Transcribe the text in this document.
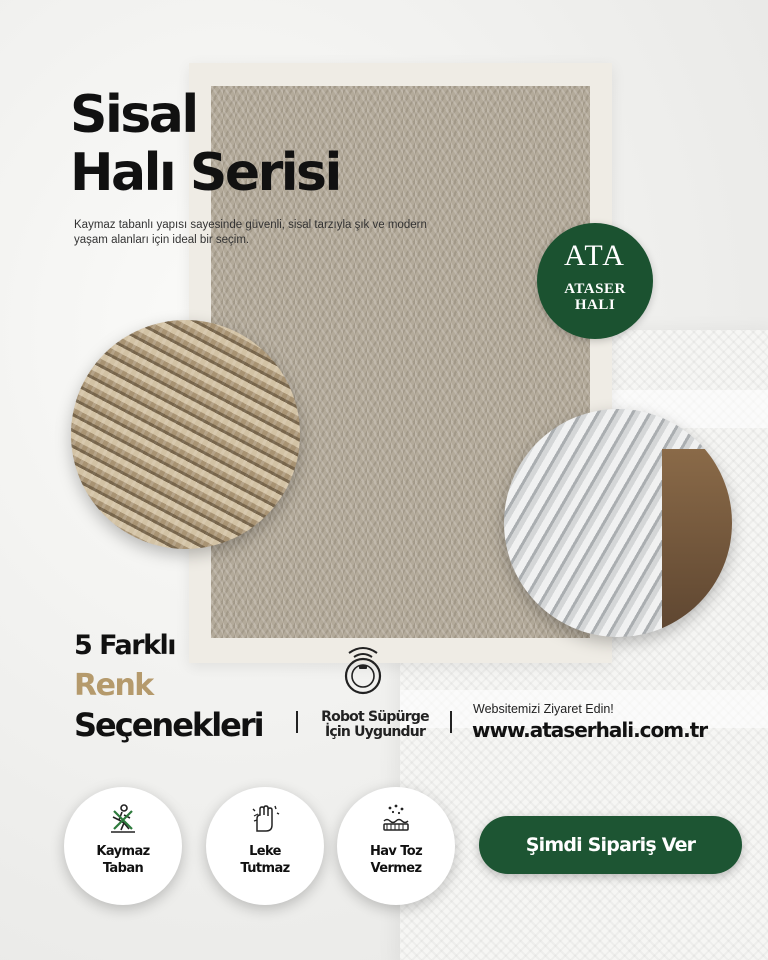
Sisal
Halı Serisi

Kaymaz tabanlı yapısı sayesinde güvenli, sisal tarzıyla şık ve modern yaşam alanları için ideal bir seçim.	ATA
ATASER
HALI
5 Farklı
Renk
Seçenekleri	Robot Süpürge
İçin Uygundur
Websitemizi Ziyaret Edin!
www.ataserhali.com.tr
Kaymaz
Taban
Leke
Tutmaz
Hav Toz
Vermez
Şimdi Sipariş Ver
